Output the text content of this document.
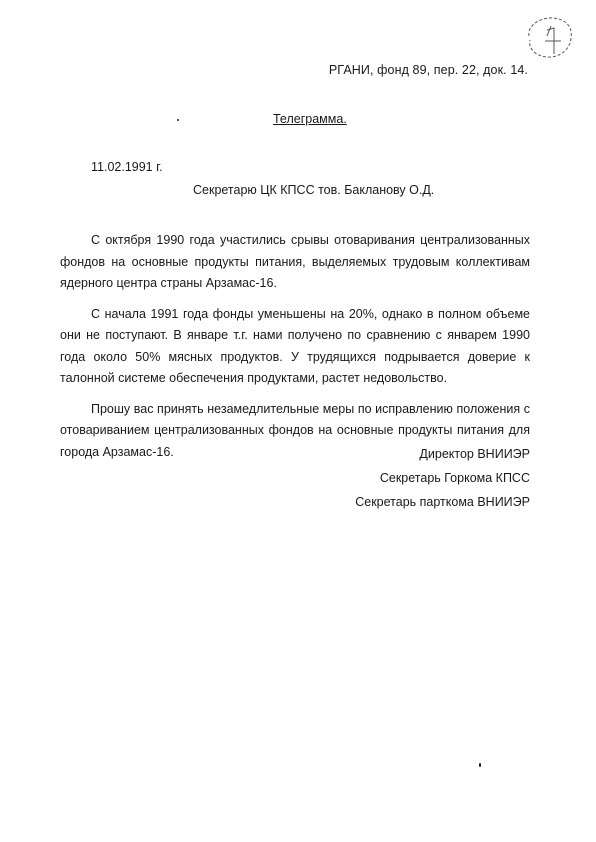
РГАНИ, фонд 89, пер. 22, док. 14.
Телеграмма.
11.02.1991 г.
Секретарю ЦК КПСС тов. Бакланову О.Д.

С октября 1990 года участились срывы отоваривания централизованных фондов на основные продукты питания, выделяемых трудовым коллективам ядерного центра страны Арзамас-16.

С начала 1991 года фонды уменьшены на 20%, однако в полном объеме они не поступают. В январе т.г. нами получено по сравнению с январем 1990 года около 50% мясных продуктов. У трудящихся подрывается доверие к талонной системе обеспечения продуктами, растет недовольство.

Прошу вас принять незамедлительные меры по исправлению положения с отовариванием централизованных фондов на основные продукты питания для города Арзамас-16.	Директор ВНИИЭР
Секретарь Горкома КПСС
Секретарь парткома ВНИИЭР
